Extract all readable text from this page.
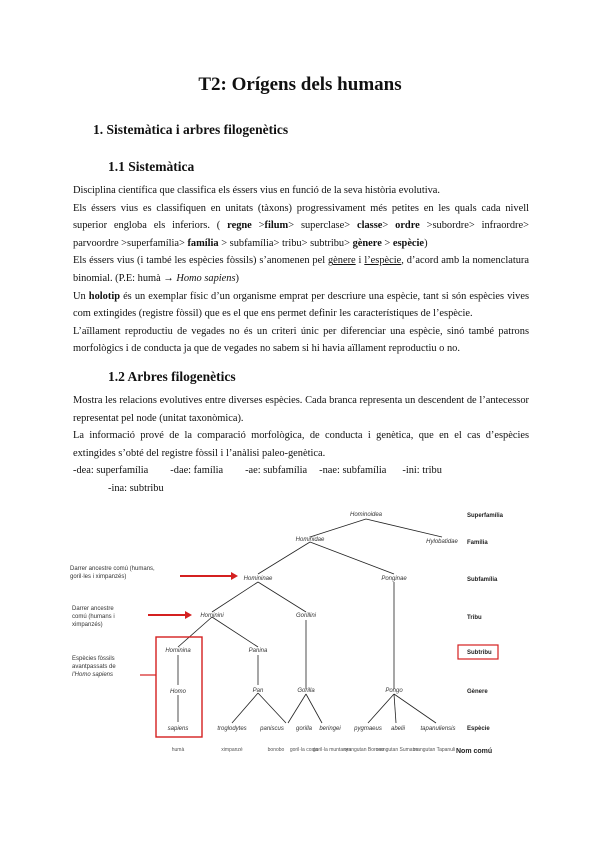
T2: Orígens dels humans
1. Sistemàtica i arbres filogenètics
1.1 Sistemàtica

Disciplina científica que classifica els éssers vius en funció de la seva història evolutiva.

Els éssers vius es classifiquen en unitats (tàxons) progressivament més petites en les quals cada nivell superior engloba els inferiors. ( regne >filum> superclase> classe> ordre >subordre> infraordre> parvoordre >superfamília> família > subfamília> tribu> subtribu> gènere > espècie)

Els éssers vius (i també les espècies fòssils) s’anomenen pel gènere i l’espècie, d’acord amb la nomenclatura binomial. (P.E: humà → Homo sapiens)

Un holotip és un exemplar físic d’un organisme emprat per descriure una espècie, tant si són espècies vives com extingides (registre fòssil) que es el que ens permet definir les característiques de l’espècie.

L’aïllament reproductiu de vegades no és un criteri únic per diferenciar una espècie, sinó també patrons morfològics i de conducta ja que de vegades no sabem si hi havia aïllament reproductiu o no.

1.2 Arbres filogenètics

Mostra les relacions evolutives entre diverses espècies. Cada branca representa un descendent de l’antecessor representat pel node (unitat taxonòmica).

La informació prové de la comparació morfològica, de conducta i genètica, que en el cas d’espècies extingides s’obté del registre fòssil i l’anàlisi paleo-genètica.

-dea: superfamília -dae: família -ae: subfamília -nae: subfamília -ini: tribu

-ina: subtribu

Hominoidea
Hylobatidae
Hominidae
Homininae	Ponginae
Hominini	Gorillini
Hominina	Panina
Homo	Pan	Gorilla	Pongo
sapiens	troglodytes paniscus gorilla beringei pygmaeus abelii	tapanuliensis
Superfamília
Família
Subfamília
Tribu
Subtribu
Gènere
Espècie
Nom comú
humà	ximpanzé	bonobo goril·la costa
goril·la muntanya
orangutan Borneo
orangutan Sumatra
orangutan Tapanuli
Darrer ancestre comú (humans, goril·les i ximpanzés)
Darrer ancestre comú (humans i ximpanzés)
Espècies fòssils avantpassats de l’Homo sapiens
